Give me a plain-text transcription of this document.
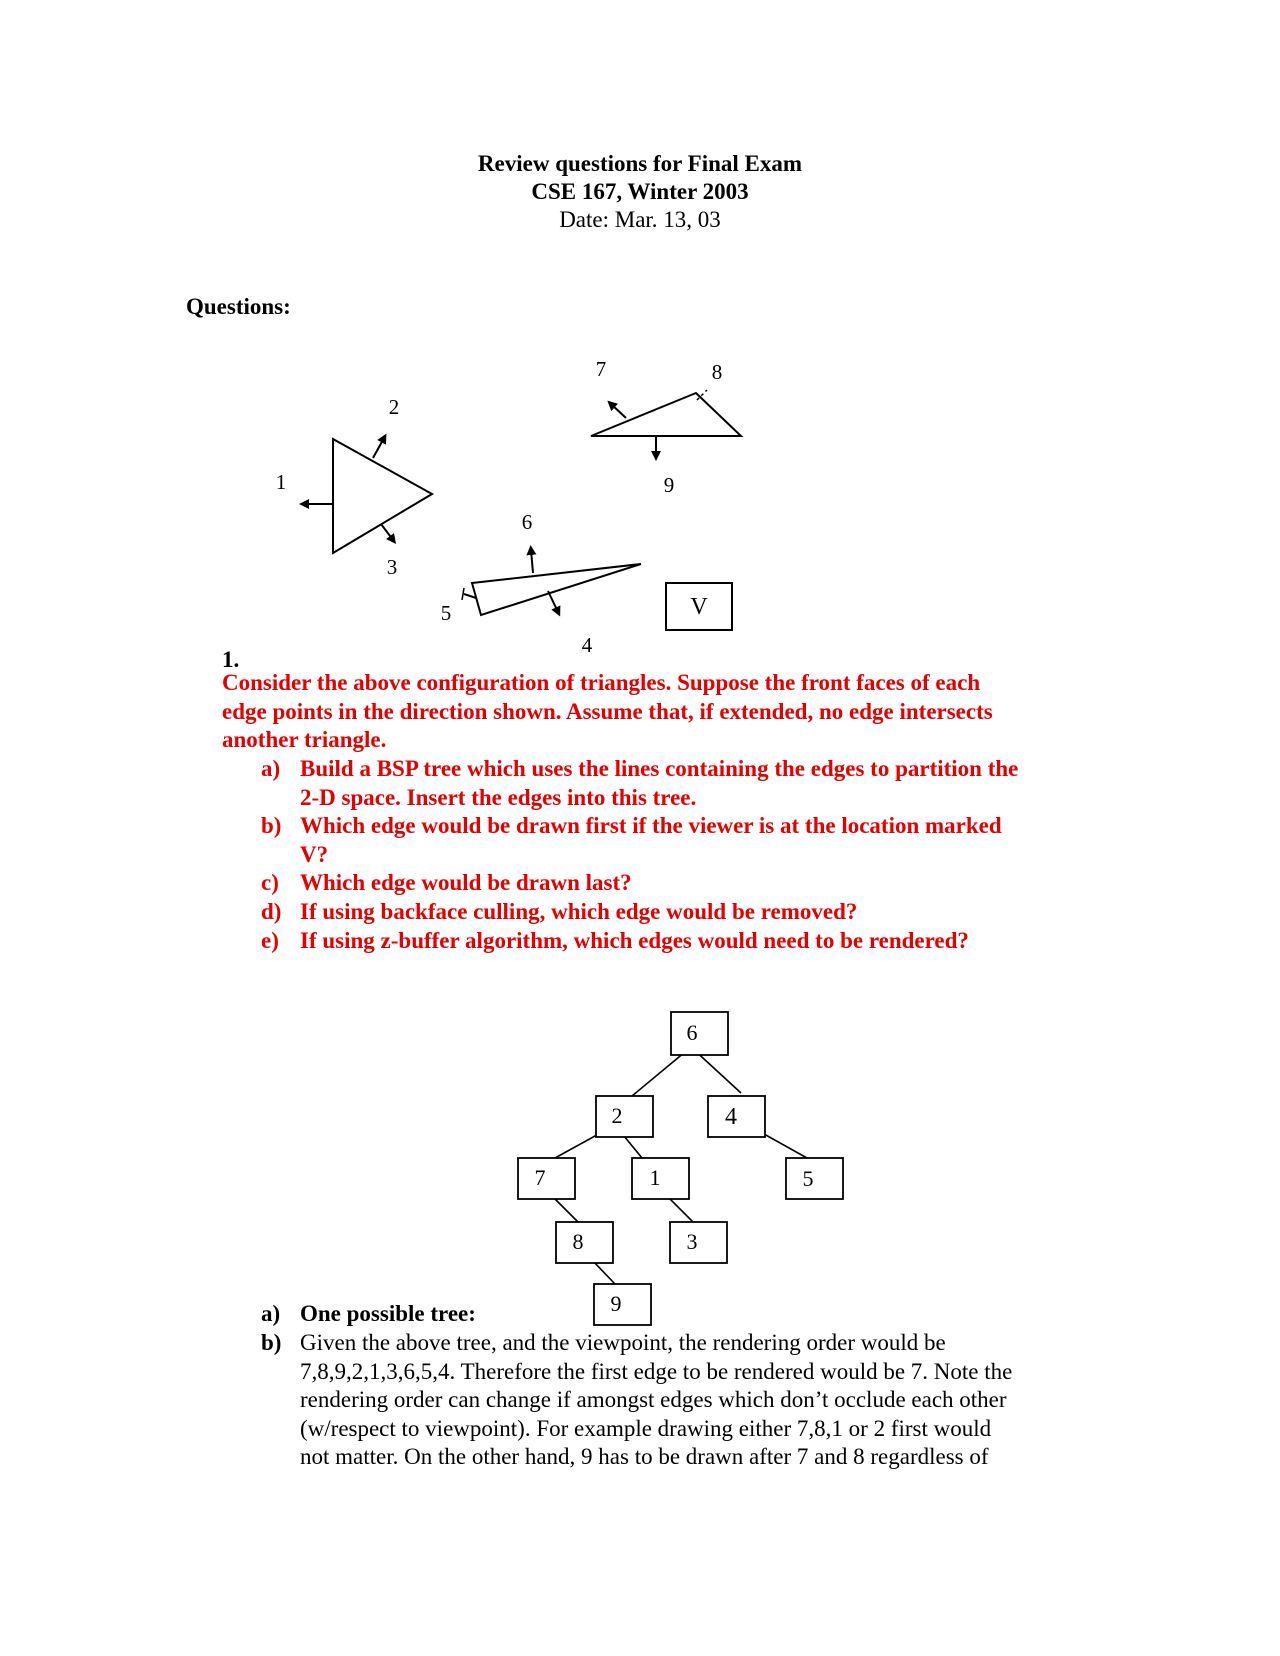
Review questions for Final Exam
CSE 167, Winter 2003
Date: Mar. 13, 03
Questions:
1
2
3
4
5
6
7	8
9
V
1.
Consider the above configuration of triangles. Suppose the front faces of each
edge points in the direction shown. Assume that, if extended, no edge intersects
another triangle.
a) Build a BSP tree which uses the lines containing the edges to partition the
2-D space. Insert the edges into this tree.
b) Which edge would be drawn first if the viewer is at the location marked
V?
c) Which edge would be drawn last?
d) If using backface culling, which edge would be removed?
e) If using z-buffer algorithm, which edges would need to be rendered?
6
2	4
7	1	5
8	3
9
a) One possible tree:
b) Given the above tree, and the viewpoint, the rendering order would be
7,8,9,2,1,3,6,5,4. Therefore the first edge to be rendered would be 7. Note the
rendering order can change if amongst edges which don’t occlude each other
(w/respect to viewpoint). For example drawing either 7,8,1 or 2 first would
not matter. On the other hand, 9 has to be drawn after 7 and 8 regardless of
